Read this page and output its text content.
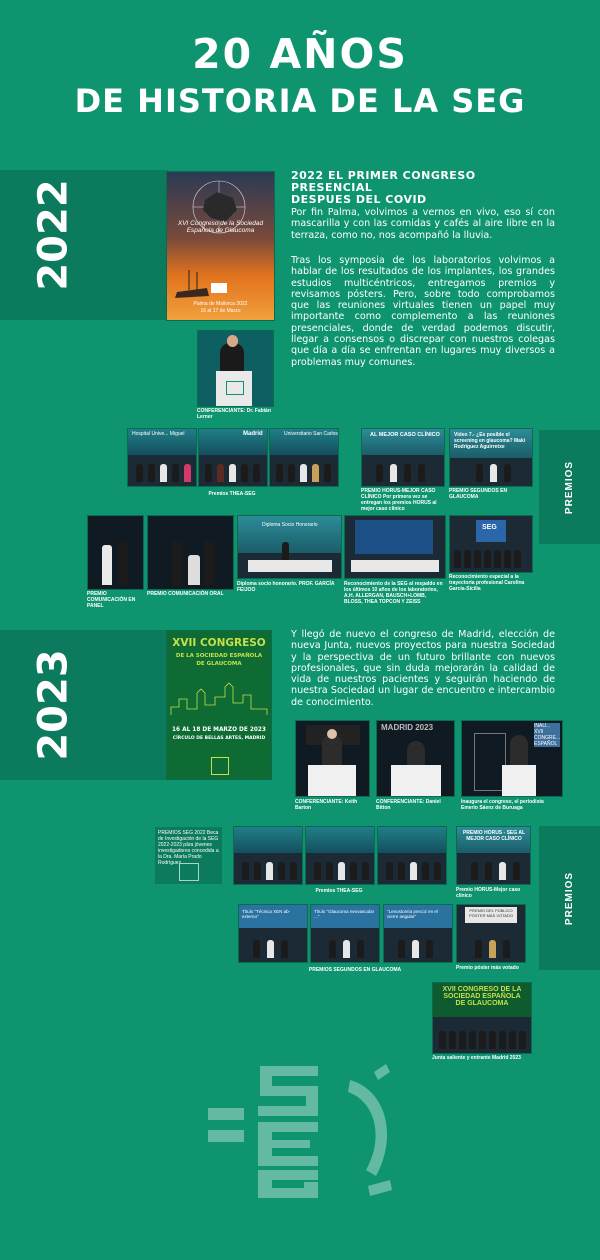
20 AÑOS
DE HISTORIA DE LA SEG
2022	XVI Congreso de la Sociedad Española de Glaucoma
Palma de Mallorca 2022
16 al 17 de Marzo
2022 EL PRIMER CONGRESO PRESENCIAL
DESPUES DEL COVID
Por fin Palma, volvimos a vernos en vivo, eso sí con mascarilla y con las comidas y cafés al aire libre en la terraza, como no, nos acompañó la lluvia.
Tras los symposia de los laboratorios volvimos a hablar de los resultados de los implantes, los grandes estudios multicéntricos, entregamos premios y revisamos pósters. Pero, sobre todo comprobamos que las reuniones virtuales tienen un papel muy importante como complemento a las reuniones presenciales, donde de verdad podemos discutir, llegar a consensos o discrepar con nuestros colegas que día a día se enfrentan en lugares muy diversos a problemas muy comunes.
CONFERENCIANTE: Dr. Fabián Lerner
Hospital Unive... Miguel	Madrid	Universitario San Carlos
Premios THEA-SEG
AL MEJOR CASO CLÍNICO
PREMIO HORUS-MEJOR CASO CLÍNICO Por primera vez se entregan los premios HORUS al mejor caso clínico
Video 7.- ¿Es posible el screening en glaucoma? Maki Rodríguez Aguirretxe
PREMIO SEGUNDOS EN GLAUCOMA	PREMIOS
PREMIO COMUNICACIÓN EN PANEL
PREMIO COMUNICACIÓN ORAL
Diploma Socio Honorario
Diploma socio honorario. PROF. GARCÍA FEIJOO
Reconocimiento de la SEG al respaldo en los últimos 10 años de los laboratorios, A.H. ALLERGAN, BAUSCH+LOMB, BLOSS, THEA TOPCON Y ZEISS
SEG
Reconocimiento especial a la trayectoria profesional Carolina García-Sicilia
2023
XVII CONGRESO
DE LA SOCIEDAD ESPAÑOLA
DE GLAUCOMA
16 AL 18 DE MARZO DE 2023
CÍRCULO DE BELLAS ARTES, MADRID
Y llegó de nuevo el congreso de Madrid, elección de nueva Junta, nuevos proyectos para nuestra Sociedad y la perspectiva de un futuro brillante con nuevos profesionales, que sin duda mejorarán la calidad de vida de nuestros pacientes y seguirán haciendo de nuestra Sociedad un lugar de encuentro e intercambio de conocimiento.
CONFERENCIANTE: Keith Barton
MADRID 2023
CONFERENCIANTE: Daniel Bitton
INAU... XVII CONGRE... ESPAÑOL
Inaugura el congreso, el periodista Emerio Sáenz de Buruaga
PREMIOS SEG 2022 Beca de Investigación de la SEG 2022-2023 pâra jóvenes investigadores concedida a la Dra. María Prado Rodríguez
Premios THEA-SEG
PREMIO HORUS - SEG AL MEJOR CASO CLÍNICO
Premio HORUS-Mejor caso clínico	PREMIOS
Título "Técnica XEN ab-externo"
Título "Glaucoma neovascular ..."
"Lenostomía precoz en el cierre angular"
PREMIOS SEGUNDOS EN GLAUCOMA
PREMIO DEL PÚBLICO PÓSTER MÁS VOTADO
Premio póster más votado
XVII CONGRESO DE LA SOCIEDAD ESPAÑOLA DE GLAUCOMA
Junta saliente y entrante Madrid 2023
